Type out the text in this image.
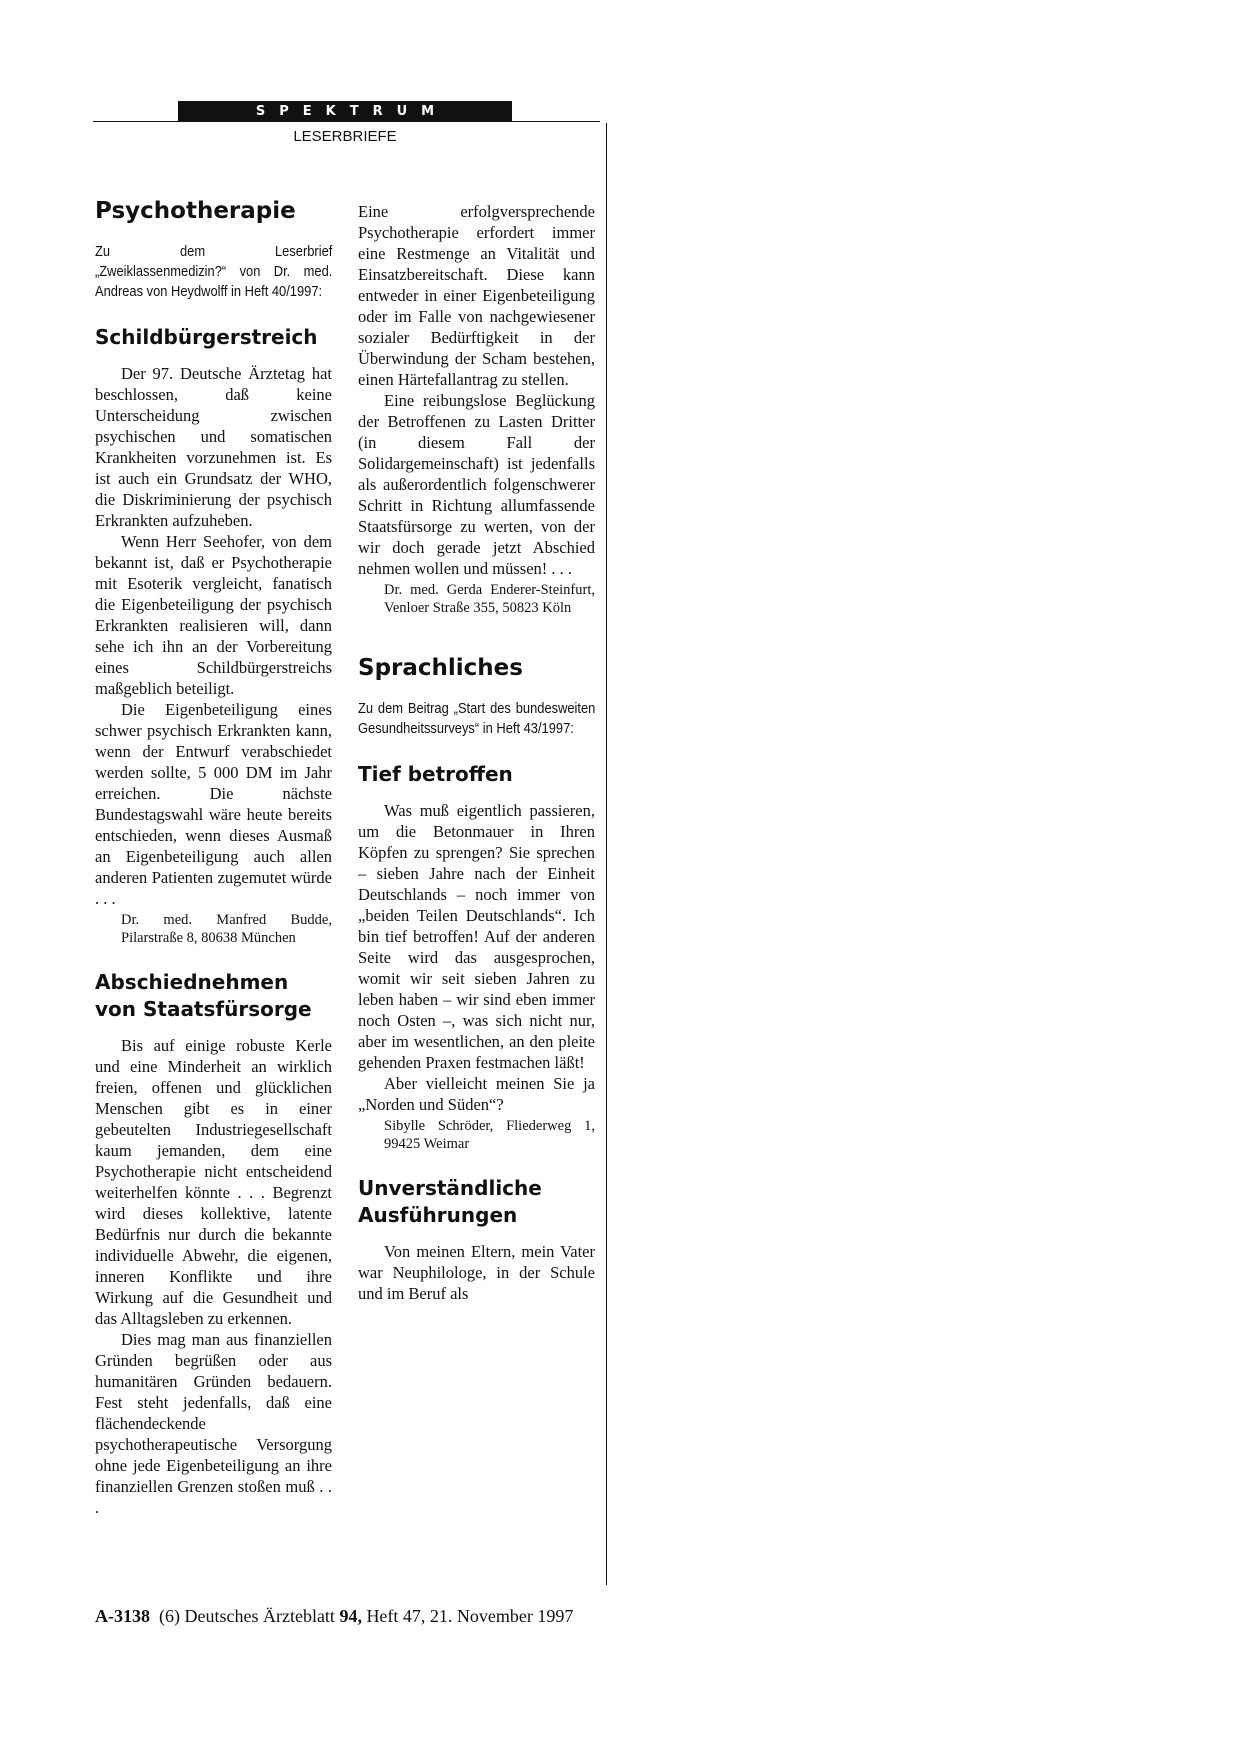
SPEKTRUM
LESERBRIEFE
Psychotherapie

Zu dem Leserbrief „Zweiklassenmedizin?“ von Dr. med. Andreas von Heydwolff in Heft 40/1997:

Schildbürgerstreich

Der 97. Deutsche Ärztetag hat beschlossen, daß keine Unterscheidung zwischen psychischen und somatischen Krankheiten vorzunehmen ist. Es ist auch ein Grundsatz der WHO, die Diskriminierung der psychisch Erkrankten aufzuheben.

Wenn Herr Seehofer, von dem bekannt ist, daß er Psychotherapie mit Esoterik vergleicht, fanatisch die Eigenbeteiligung der psychisch Erkrankten realisieren will, dann sehe ich ihn an der Vorbereitung eines Schildbürgerstreichs maßgeblich beteiligt.

Die Eigenbeteiligung eines schwer psychisch Erkrankten kann, wenn der Entwurf verabschiedet werden sollte, 5 000 DM im Jahr erreichen. Die nächste Bundestagswahl wäre heute bereits entschieden, wenn dieses Ausmaß an Eigenbeteiligung auch allen anderen Patienten zugemutet würde . . .

Dr. med. Manfred Budde, Pilarstraße 8, 80638 München

Abschiednehmen von Staatsfürsorge

Bis auf einige robuste Kerle und eine Minderheit an wirklich freien, offenen und glücklichen Menschen gibt es in einer gebeutelten Industriegesellschaft kaum jemanden, dem eine Psychotherapie nicht entscheidend weiterhelfen könnte . . . Begrenzt wird dieses kollektive, latente Bedürfnis nur durch die bekannte individuelle Abwehr, die eigenen, inneren Konflikte und ihre Wirkung auf die Gesundheit und das Alltagsleben zu erkennen.

Dies mag man aus finanziellen Gründen begrüßen oder aus humanitären Gründen bedauern. Fest steht jedenfalls, daß eine flächendeckende psychotherapeutische Versorgung ohne jede Eigenbeteiligung an ihre finanziellen Grenzen stoßen muß . . .

Eine erfolgversprechende Psychotherapie erfordert immer eine Restmenge an Vitalität und Einsatzbereitschaft. Diese kann entweder in einer Eigenbeteiligung oder im Falle von nachgewiesener sozialer Bedürftigkeit in der Überwindung der Scham bestehen, einen Härtefallantrag zu stellen.

Eine reibungslose Beglückung der Betroffenen zu Lasten Dritter (in diesem Fall der Solidargemeinschaft) ist jedenfalls als außerordentlich folgenschwerer Schritt in Richtung allumfassende Staatsfürsorge zu werten, von der wir doch gerade jetzt Abschied nehmen wollen und müssen! . . .

Dr. med. Gerda Enderer-Steinfurt, Venloer Straße 355, 50823 Köln

Sprachliches

Zu dem Beitrag „Start des bundesweiten Gesundheitssurveys“ in Heft 43/1997:

Tief betroffen

Was muß eigentlich passieren, um die Betonmauer in Ihren Köpfen zu sprengen? Sie sprechen – sieben Jahre nach der Einheit Deutschlands – noch immer von „beiden Teilen Deutschlands“. Ich bin tief betroffen! Auf der anderen Seite wird das ausgesprochen, womit wir seit sieben Jahren zu leben haben – wir sind eben immer noch Osten –, was sich nicht nur, aber im wesentlichen, an den pleite gehenden Praxen festmachen läßt!

Aber vielleicht meinen Sie ja „Norden und Süden“?

Sibylle Schröder, Fliederweg 1, 99425 Weimar

Unverständliche Ausführungen

Von meinen Eltern, mein Vater war Neuphilologe, in der Schule und im Beruf als

A-3138 (6) Deutsches Ärzteblatt 94, Heft 47, 21. November 1997
